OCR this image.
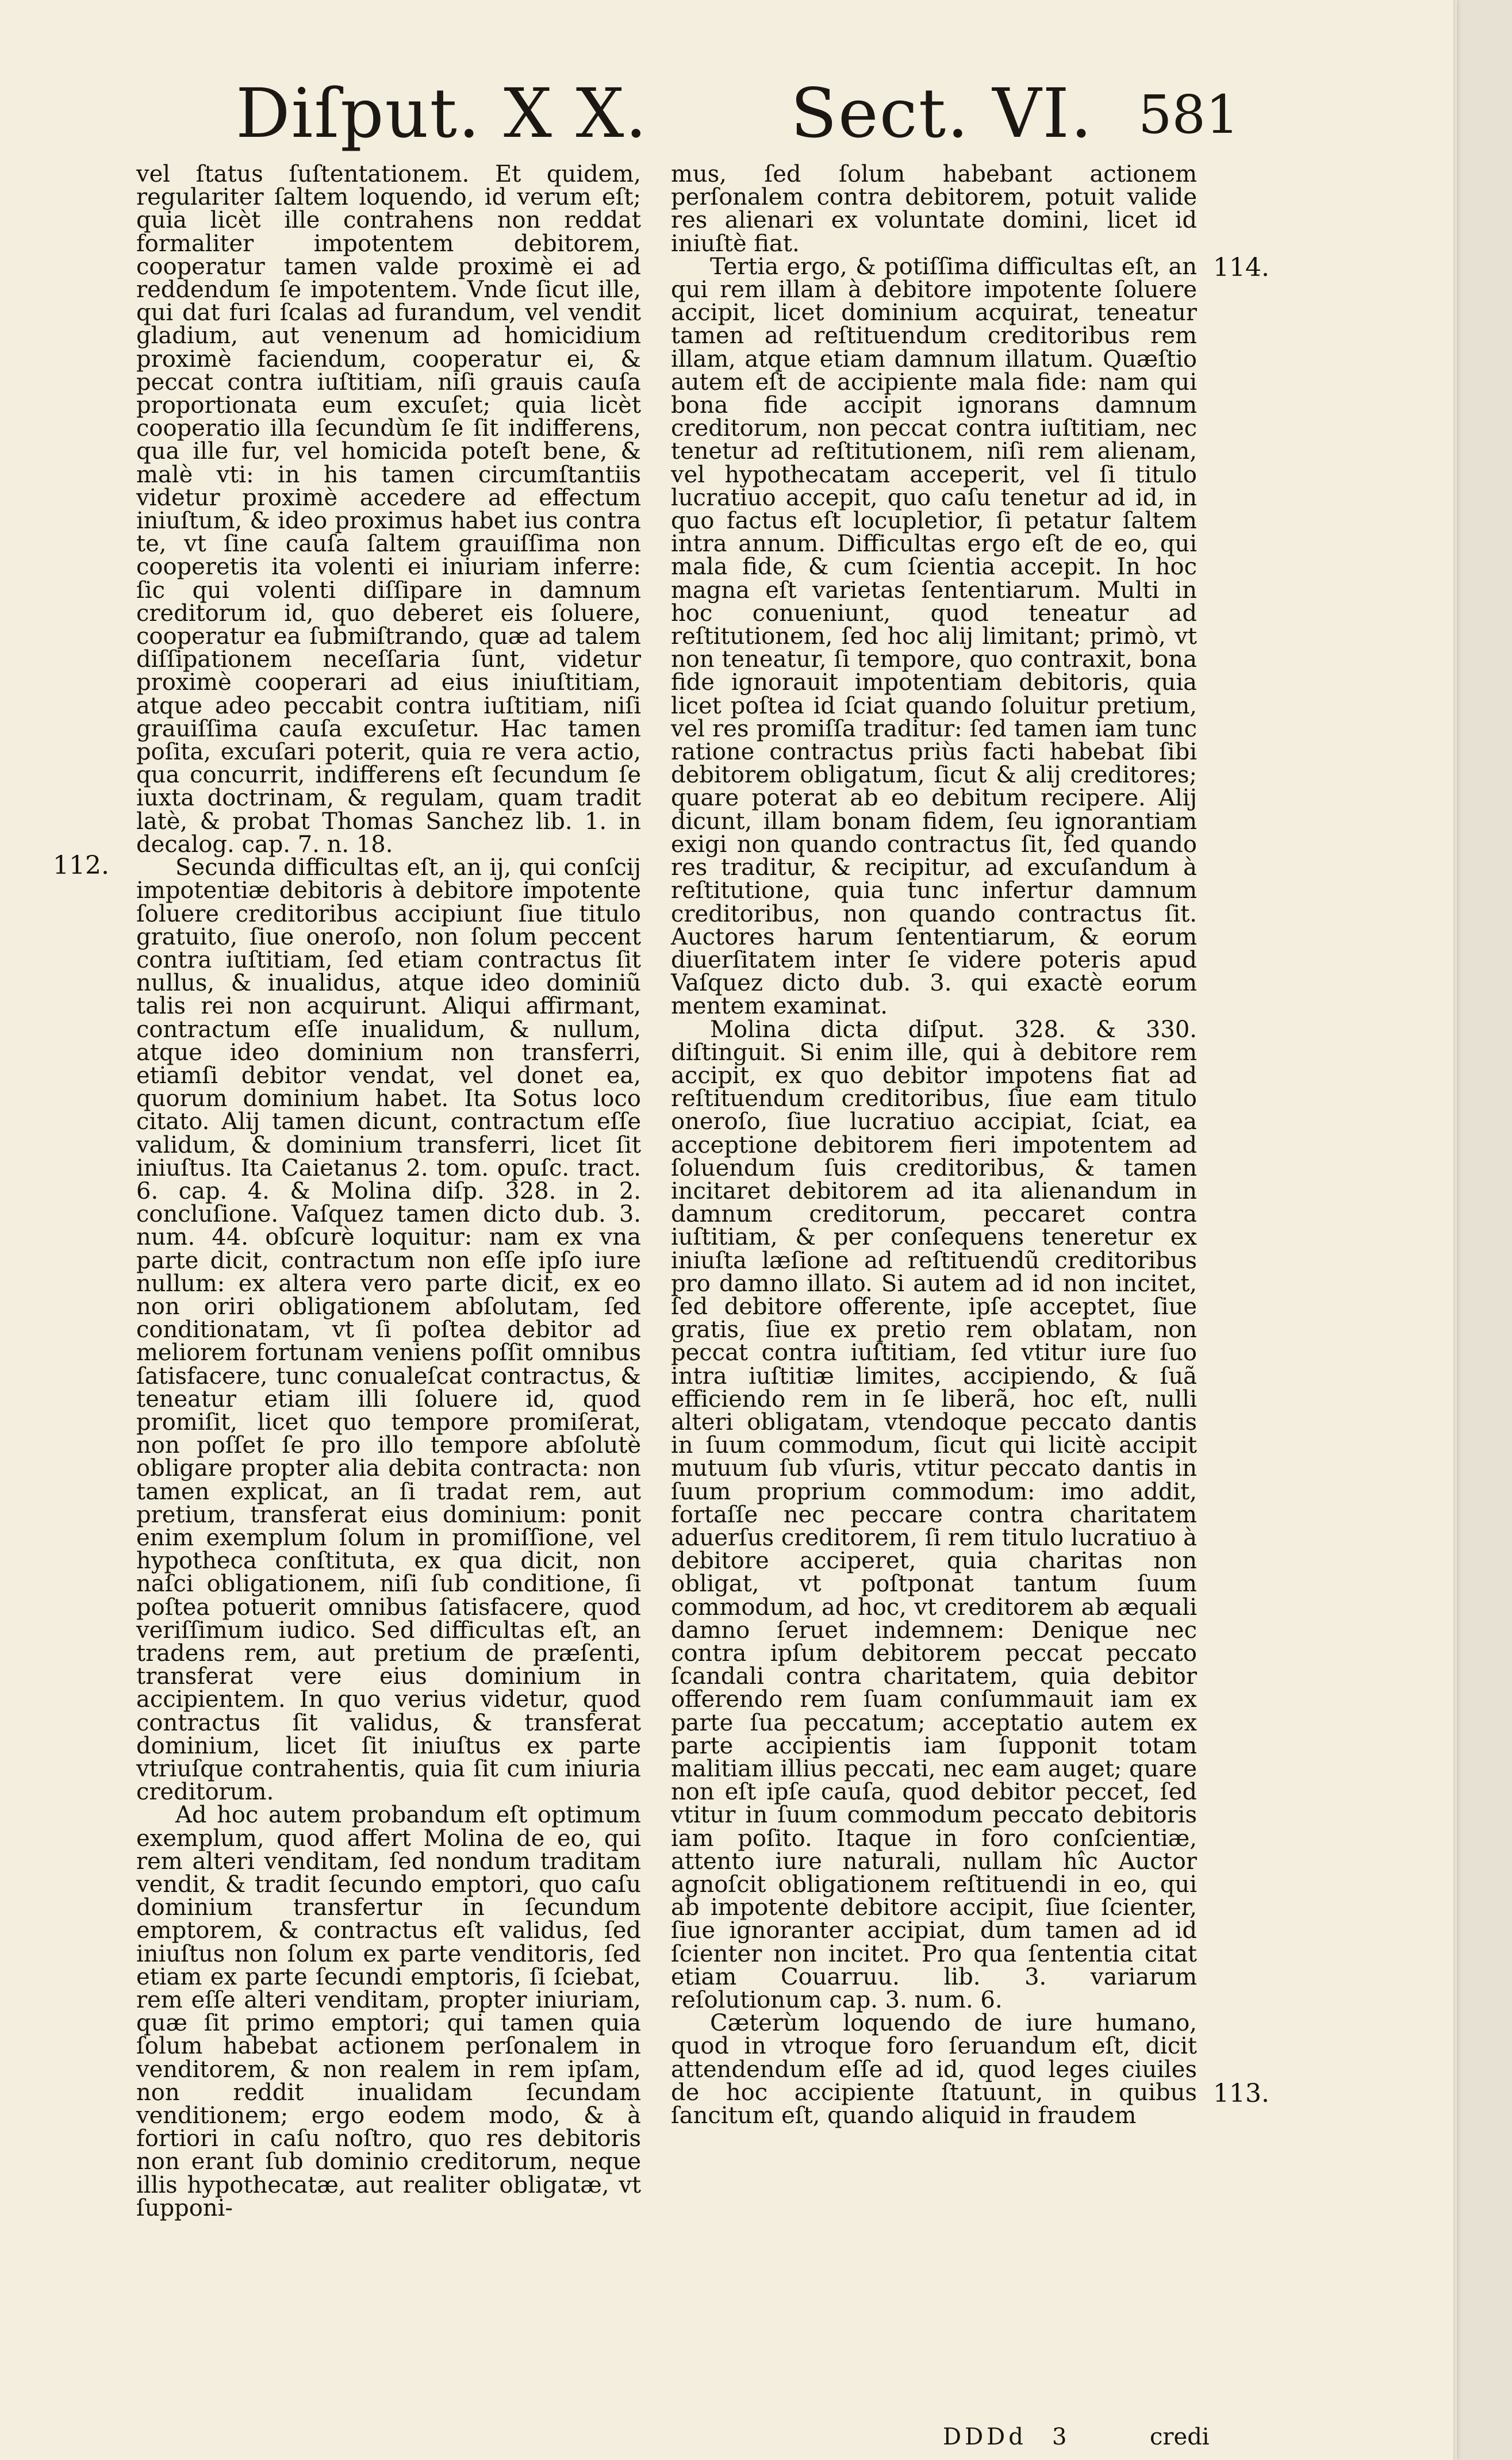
Diſput. X X. Sect. VI. 581

vel ſtatus ſuſtentationem. Et quidem, regulariter ſaltem loquendo, id verum eſt; quia licèt ille contrahens non reddat formaliter impotentem debitorem, cooperatur tamen valde proximè ei ad reddendum ſe impotentem. Vnde ſicut ille, qui dat furi ſcalas ad furandum, vel vendit gladium, aut venenum ad homicidium proximè faciendum, cooperatur ei, & peccat contra iuſtitiam, niſi grauis cauſa proportionata eum excuſet; quia licèt cooperatio illa ſecundùm ſe ſit indifferens, qua ille fur, vel homicida poteſt bene, & malè vti: in his tamen circumſtantiis videtur proximè accedere ad effectum iniuſtum, & ideo proximus habet ius contra te, vt ſine cauſa ſaltem grauiſſima non cooperetis ita volenti ei iniuriam inferre: ſic qui volenti diſſipare in damnum creditorum id, quo deberet eis ſoluere, cooperatur ea ſubmiſtrando, quæ ad talem diſſipationem neceſſaria ſunt, videtur proximè cooperari ad eius iniuſtitiam, atque adeo peccabit contra iuſtitiam, niſi grauiſſima cauſa excuſetur. Hac tamen poſita, excuſari poterit, quia re vera actio, qua concurrit, indifferens eſt ſecundum ſe iuxta doctrinam, & regulam, quam tradit latè, & probat Thomas Sanchez lib. 1. in decalog. cap. 7. n. 18.

Secunda difficultas eſt, an ij, qui conſcij impotentiæ debitoris à debitore impotente ſoluere creditoribus accipiunt ſiue titulo gratuito, ſiue oneroſo, non ſolum peccent contra iuſtitiam, ſed etiam contractus ſit nullus, & inualidus, atque ideo dominiũ talis rei non acquirunt. Aliqui affirmant, contractum eſſe inualidum, & nullum, atque ideo dominium non transferri, etiamſi debitor vendat, vel donet ea, quorum dominium habet. Ita Sotus loco citato. Alij tamen dicunt, contractum eſſe validum, & dominium transferri, licet ſit iniuſtus. Ita Caietanus 2. tom. opuſc. tract. 6. cap. 4. & Molina diſp. 328. in 2. concluſione. Vaſquez tamen dicto dub. 3. num. 44. obſcurè loquitur: nam ex vna parte dicit, contractum non eſſe ipſo iure nullum: ex altera vero parte dicit, ex eo non oriri obligationem abſolutam, ſed conditionatam, vt ſi poſtea debitor ad meliorem fortunam veniens poſſit omnibus ſatisfacere, tunc conualeſcat contractus, & teneatur etiam illi ſoluere id, quod promiſit, licet quo tempore promiſerat, non poſſet ſe pro illo tempore abſolutè obligare propter alia debita contracta: non tamen explicat, an ſi tradat rem, aut pretium, transferat eius dominium: ponit enim exemplum ſolum in promiſſione, vel hypotheca conſtituta, ex qua dicit, non naſci obligationem, niſi ſub conditione, ſi poſtea potuerit omnibus ſatisfacere, quod veriſſimum iudico. Sed difficultas eſt, an tradens rem, aut pretium de præſenti, transferat vere eius dominium in accipientem. In quo verius videtur, quod contractus ſit validus, & transferat dominium, licet ſit iniuſtus ex parte vtriuſque contrahentis, quia ſit cum iniuria creditorum.

Ad hoc autem probandum eſt optimum exemplum, quod affert Molina de eo, qui rem alteri venditam, ſed nondum traditam vendit, & tradit ſecundo emptori, quo caſu dominium transfertur in ſecundum emptorem, & contractus eſt validus, ſed iniuſtus non ſolum ex parte venditoris, ſed etiam ex parte ſecundi emptoris, ſi ſciebat, rem eſſe alteri venditam, propter iniuriam, quæ ſit primo emptori; qui tamen quia ſolum habebat actionem perſonalem in venditorem, & non realem in rem ipſam, non reddit inualidam ſecundam venditionem; ergo eodem modo, & à fortiori in caſu noſtro, quo res debitoris non erant ſub dominio creditorum, neque illis hypothecatæ, aut realiter obligatæ, vt ſupponi-

mus, ſed ſolum habebant actionem perſonalem contra debitorem, potuit valide res alienari ex voluntate domini, licet id iniuſtè fiat.

Tertia ergo, & potiſſima difficultas eſt, an qui rem illam à debitore impotente ſoluere accipit, licet dominium acquirat, teneatur tamen ad reſtituendum creditoribus rem illam, atque etiam damnum illatum. Quæſtio autem eſt de accipiente mala fide: nam qui bona fide accipit ignorans damnum creditorum, non peccat contra iuſtitiam, nec tenetur ad reſtitutionem, niſi rem alienam, vel hypothecatam acceperit, vel ſi titulo lucratiuo accepit, quo caſu tenetur ad id, in quo factus eſt locupletior, ſi petatur ſaltem intra annum. Difficultas ergo eſt de eo, qui mala fide, & cum ſcientia accepit. In hoc magna eſt varietas ſententiarum. Multi in hoc conueniunt, quod teneatur ad reſtitutionem, ſed hoc alij limitant; primò, vt non teneatur, ſi tempore, quo contraxit, bona fide ignorauit impotentiam debitoris, quia licet poſtea id ſciat quando ſoluitur pretium, vel res promiſſa traditur: ſed tamen iam tunc ratione contractus priùs facti habebat ſibi debitorem obligatum, ſicut & alij creditores; quare poterat ab eo debitum recipere. Alij dicunt, illam bonam fidem, ſeu ignorantiam exigi non quando contractus ſit, ſed quando res traditur, & recipitur, ad excuſandum à reſtitutione, quia tunc infertur damnum creditoribus, non quando contractus ſit. Auctores harum ſententiarum, & eorum diuerſitatem inter ſe videre poteris apud Vaſquez dicto dub. 3. qui exactè eorum mentem examinat.

Molina dicta diſput. 328. & 330. diſtinguit. Si enim ille, qui à debitore rem accipit, ex quo debitor impotens fiat ad reſtituendum creditoribus, ſiue eam titulo oneroſo, ſiue lucratiuo accipiat, ſciat, ea acceptione debitorem fieri impotentem ad ſoluendum ſuis creditoribus, & tamen incitaret debitorem ad ita alienandum in damnum creditorum, peccaret contra iuſtitiam, & per conſequens teneretur ex iniuſta læſione ad reſtituendũ creditoribus pro damno illato. Si autem ad id non incitet, ſed debitore offerente, ipſe acceptet, ſiue gratis, ſiue ex pretio rem oblatam, non peccat contra iuſtitiam, ſed vtitur iure ſuo intra iuſtitiæ limites, accipiendo, & ſuã efficiendo rem in ſe liberã, hoc eſt, nulli alteri obligatam, vtendoque peccato dantis in ſuum commodum, ſicut qui licitè accipit mutuum ſub vſuris, vtitur peccato dantis in ſuum proprium commodum: imo addit, fortaſſe nec peccare contra charitatem aduerſus creditorem, ſi rem titulo lucratiuo à debitore acciperet, quia charitas non obligat, vt poſtponat tantum ſuum commodum, ad hoc, vt creditorem ab æquali damno ſeruet indemnem: Denique nec contra ipſum debitorem peccat peccato ſcandali contra charitatem, quia debitor offerendo rem ſuam conſummauit iam ex parte ſua peccatum; acceptatio autem ex parte accipientis iam ſupponit totam malitiam illius peccati, nec eam auget; quare non eſt ipſe cauſa, quod debitor peccet, ſed vtitur in ſuum commodum peccato debitoris iam poſito. Itaque in foro conſcientiæ, attento iure naturali, nullam hîc Auctor agnoſcit obligationem reſtituendi in eo, qui ab impotente debitore accipit, ſiue ſcienter, ſiue ignoranter accipiat, dum tamen ad id ſcienter non incitet. Pro qua ſententia citat etiam Couarruu. lib. 3. variarum reſolutionum cap. 3. num. 6.

Cæterùm loquendo de iure humano, quod in vtroque foro ſeruandum eſt, dicit attendendum eſſe ad id, quod leges ciuiles de hoc accipiente ſtatuunt, in quibus ſancitum eſt, quando aliquid in fraudem

112.
114.
113.
DDDd 3	credi
